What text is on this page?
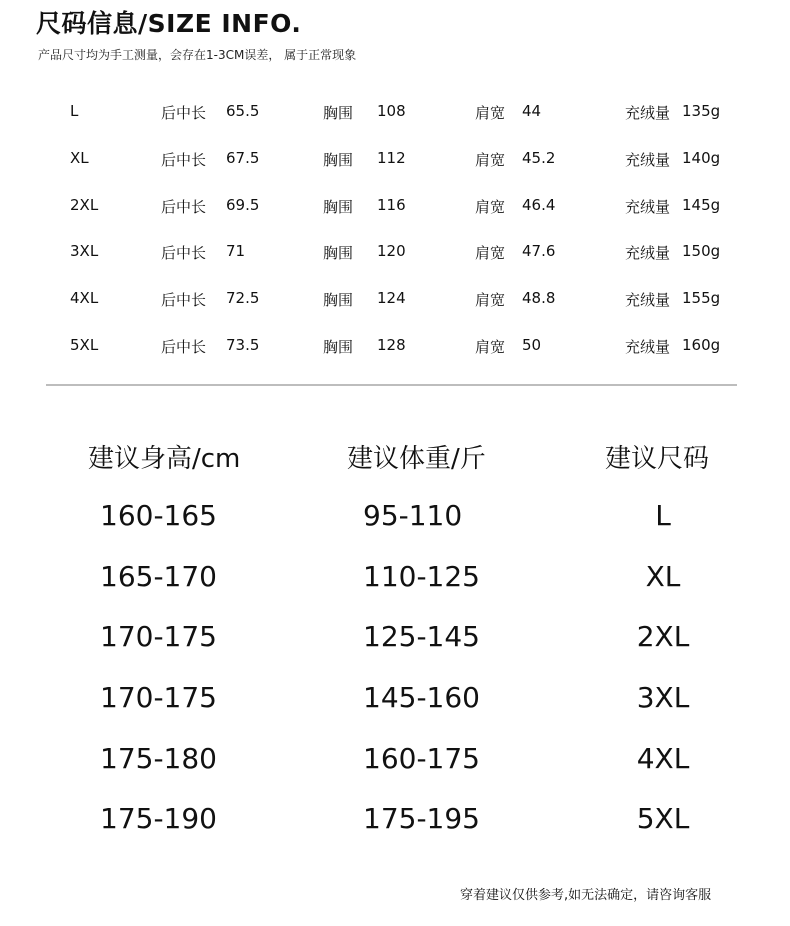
尺码信息/SIZE INFO.
产品尺寸均为手工测量，会存在1-3CM误差， 属于正常现象
L	后中长 65.5	胸围 108	肩宽 44	充绒量 135g
XL	后中长 67.5	胸围 112	肩宽 45.2	充绒量 140g
2XL	后中长 69.5	胸围 116	肩宽 46.4	充绒量 145g
3XL	后中长 71	胸围 120	肩宽 47.6	充绒量 150g
4XL	后中长 72.5	胸围 124	肩宽 48.8	充绒量 155g
5XL	后中长 73.5	胸围 128	肩宽 50	充绒量 160g
建议身高/cm	建议体重/斤	建议尺码
160-165	95-110	L
165-170	110-125	XL
170-175	125-145	2XL
170-175	145-160	3XL
175-180	160-175	4XL
175-190	175-195	5XL
穿着建议仅供参考,如无法确定，请咨询客服
